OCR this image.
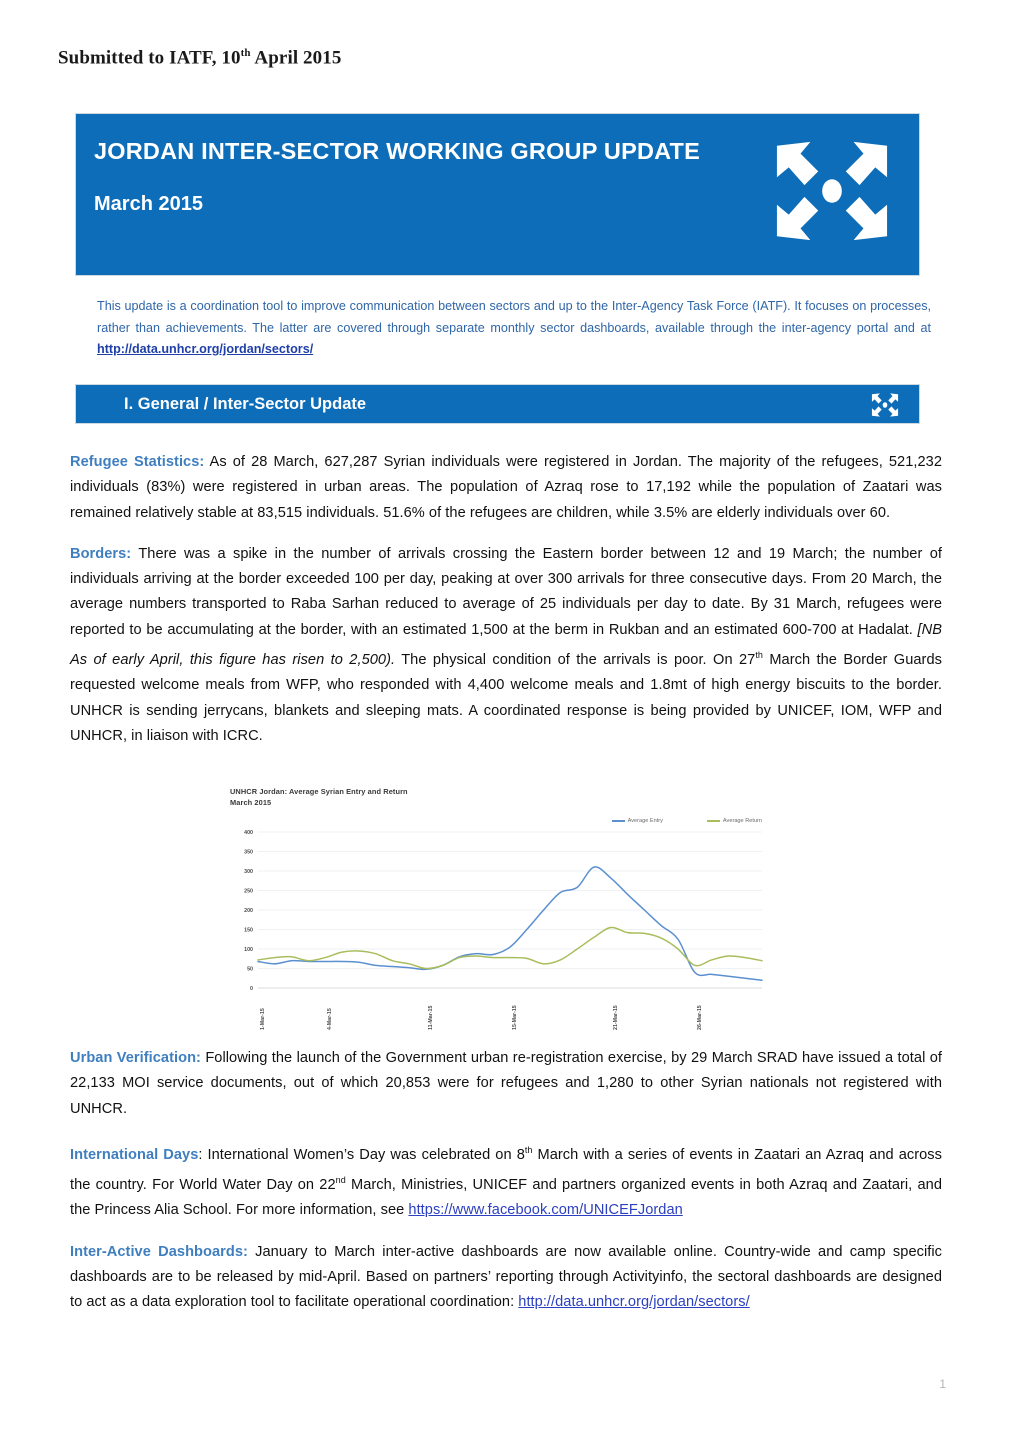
Submitted to IATF, 10th April 2015
JORDAN INTER-SECTOR WORKING GROUP UPDATE
March 2015
This update is a coordination tool to improve communication between sectors and up to the Inter-Agency Task Force (IATF). It focuses on processes, rather than achievements. The latter are covered through separate monthly sector dashboards, available through the inter-agency portal and at http://data.unhcr.org/jordan/sectors/
I. General / Inter-Sector Update

Refugee Statistics: As of 28 March, 627,287 Syrian individuals were registered in Jordan. The majority of the refugees, 521,232 individuals (83%) were registered in urban areas. The population of Azraq rose to 17,192 while the population of Zaatari was remained relatively stable at 83,515 individuals. 51.6% of the refugees are children, while 3.5% are elderly individuals over 60.

Borders: There was a spike in the number of arrivals crossing the Eastern border between 12 and 19 March; the number of individuals arriving at the border exceeded 100 per day, peaking at over 300 arrivals for three consecutive days. From 20 March, the average numbers transported to Raba Sarhan reduced to average of 25 individuals per day to date. By 31 March, refugees were reported to be accumulating at the border, with an estimated 1,500 at the berm in Rukban and an estimated 600-700 at Hadalat. [NB As of early April, this figure has risen to 2,500). The physical condition of the arrivals is poor. On 27th March the Border Guards requested welcome meals from WFP, who responded with 4,400 welcome meals and 1.8mt of high energy biscuits to the border. UNHCR is sending jerrycans, blankets and sleeping mats. A coordinated response is being provided by UNICEF, IOM, WFP and UNHCR, in liaison with ICRC.

UNHCR Jordan: Average Syrian Entry and Return
March 2015
Average Entry	Average Return
0
50
100
150
200
250
300
350
400
1-Mar-15	4-Mar-15	11-Mar-15	15-Mar-15	21-Mar-15	26-Mar-15

Urban Verification: Following the launch of the Government urban re-registration exercise, by 29 March SRAD have issued a total of 22,133 MOI service documents, out of which 20,853 were for refugees and 1,280 to other Syrian nationals not registered with UNHCR.

International Days: International Women’s Day was celebrated on 8th March with a series of events in Zaatari an Azraq and across the country. For World Water Day on 22nd March, Ministries, UNICEF and partners organized events in both Azraq and Zaatari, and the Princess Alia School. For more information, see https://www.facebook.com/UNICEFJordan

Inter-Active Dashboards: January to March inter-active dashboards are now available online. Country-wide and camp specific dashboards are to be released by mid-April. Based on partners’ reporting through Activityinfo, the sectoral dashboards are designed to act as a data exploration tool to facilitate operational coordination: http://data.unhcr.org/jordan/sectors/

1
